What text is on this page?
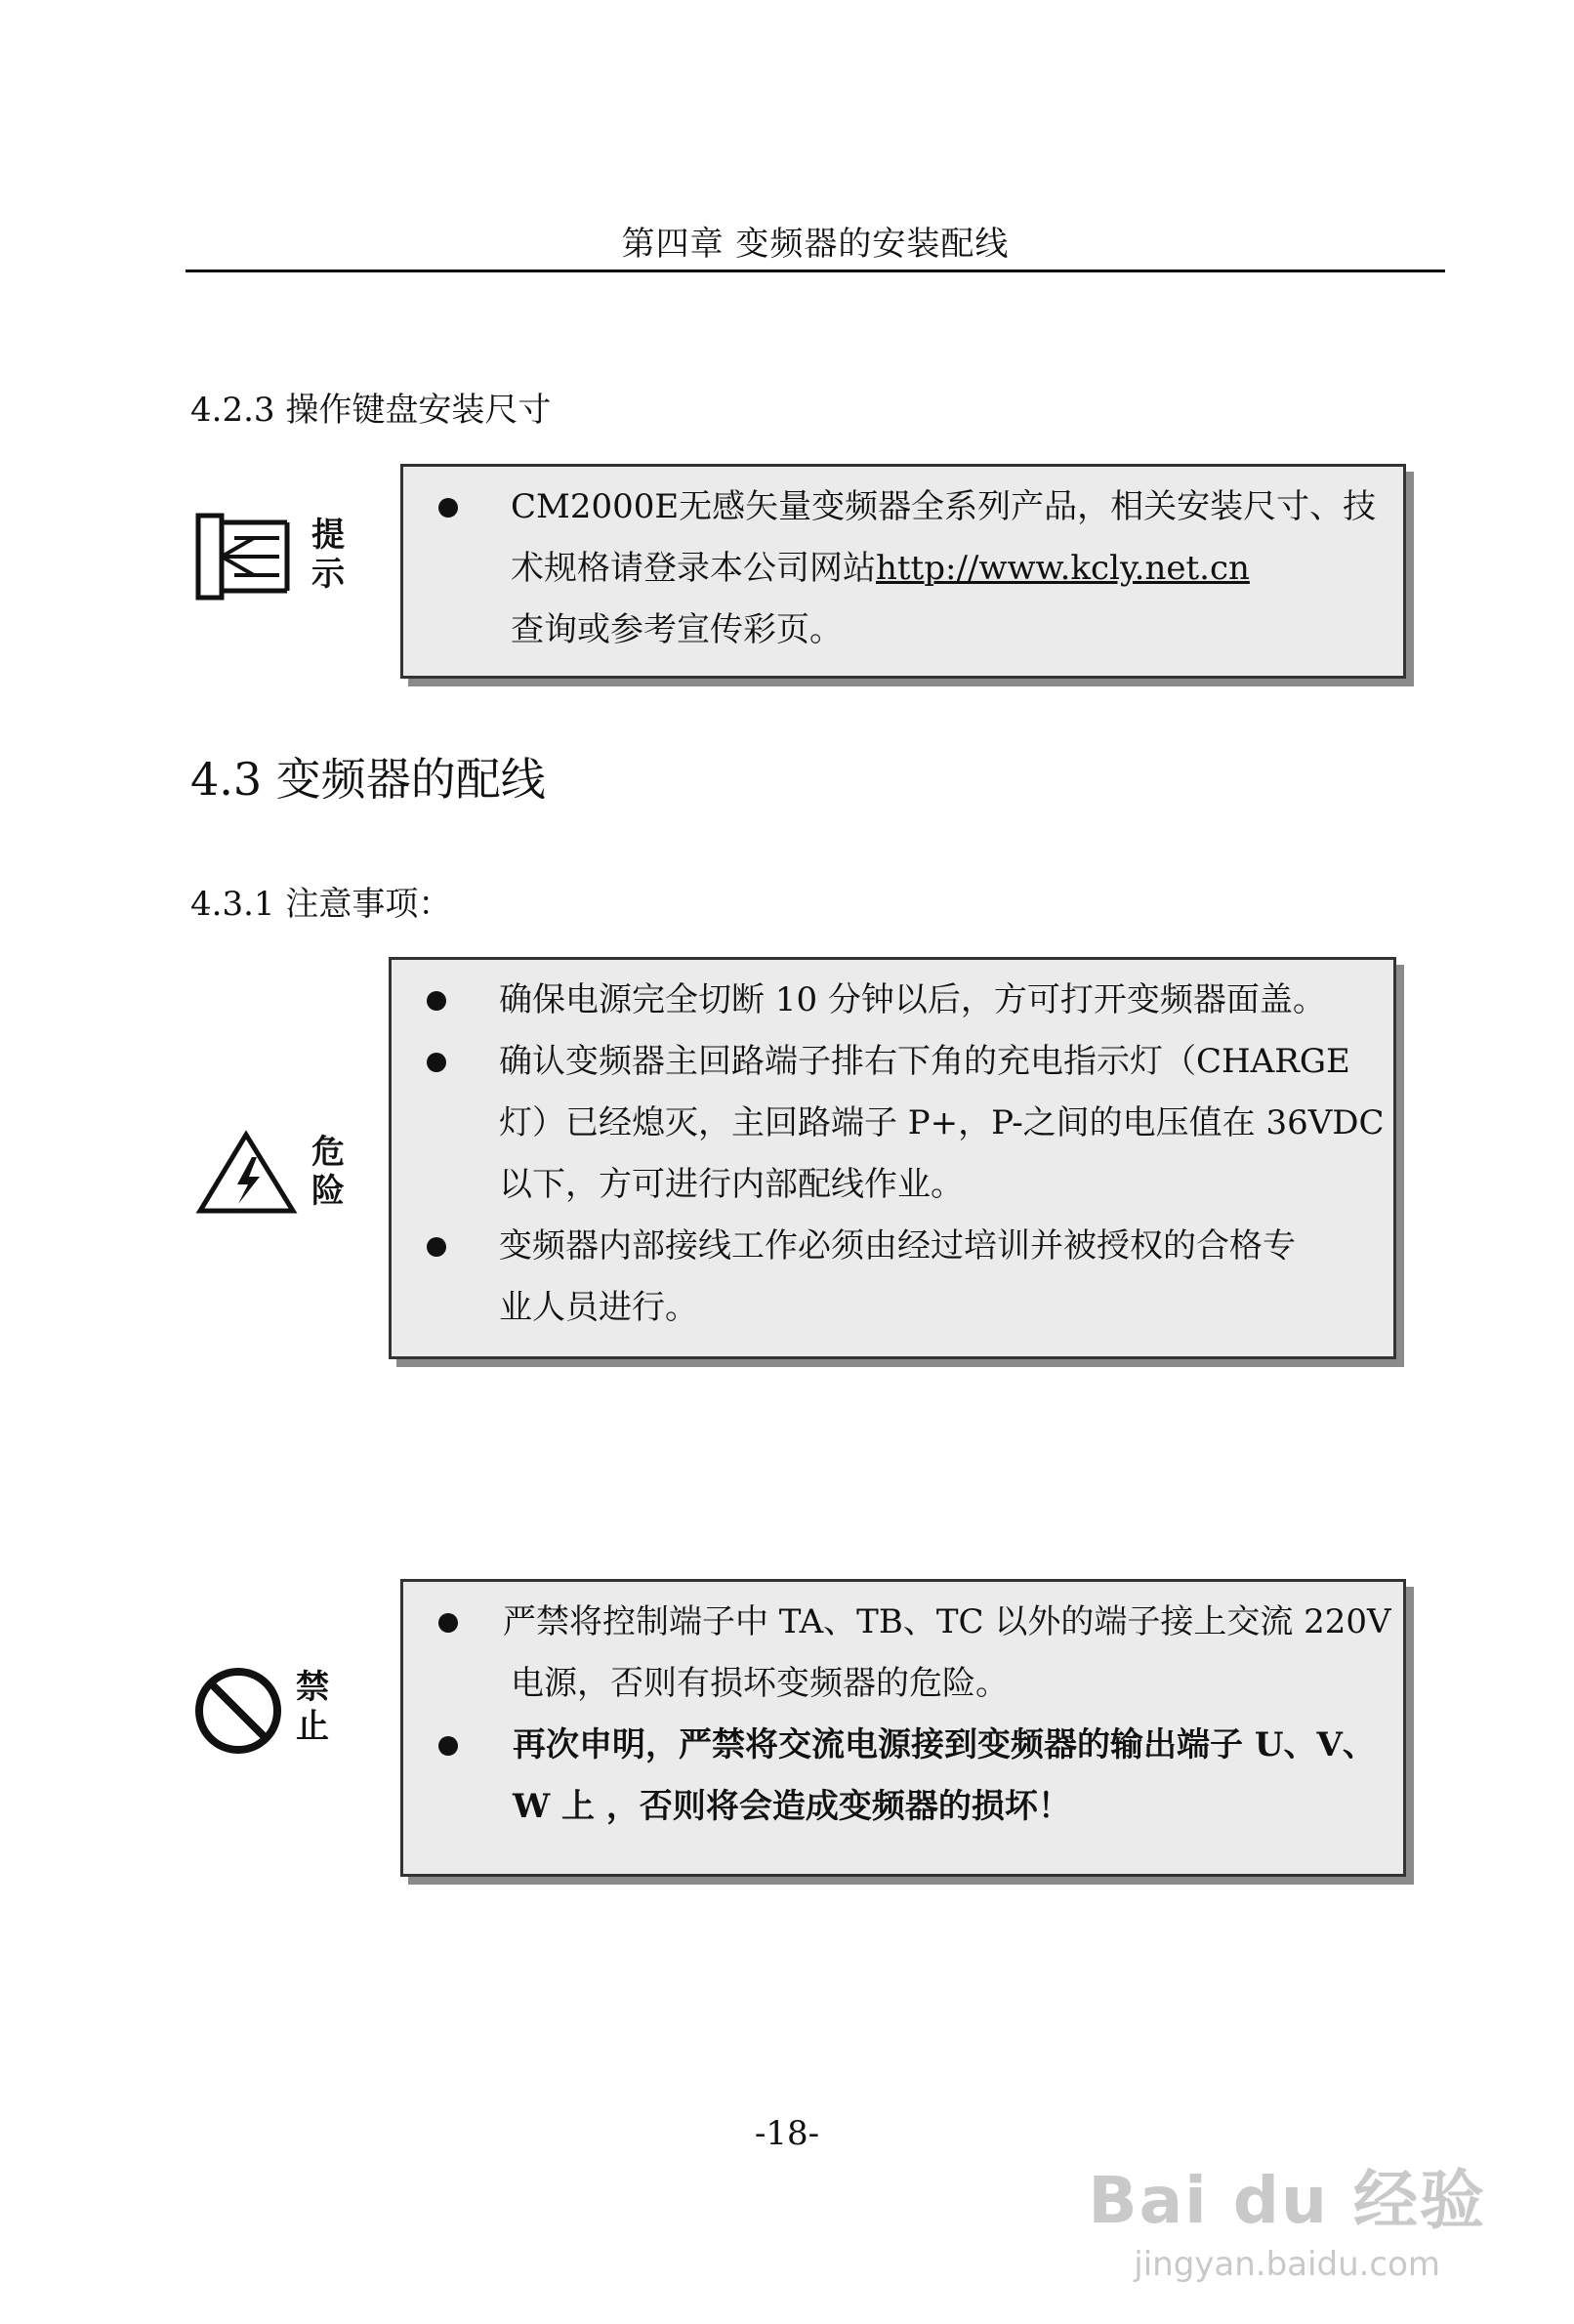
第四章 变频器的安装配线
4.2.3 操作键盘安装尺寸
提
示
CM2000E无感矢量变频器全系列产品，相关安装尺寸、技
术规格请登录本公司网站http://www.kcly.net.cn
查询或参考宣传彩页。
4.3 变频器的配线
4.3.1 注意事项：
危
险
确保电源完全切断 10 分钟以后，方可打开变频器面盖。
确认变频器主回路端子排右下角的充电指示灯（CHARGE
灯）已经熄灭，主回路端子 P+，P-之间的电压值在 36VDC
以下，方可进行内部配线作业。
变频器内部接线工作必须由经过培训并被授权的合格专
业人员进行。
禁
止
严禁将控制端子中 TA、TB、TC 以外的端子接上交流 220V
电源，否则有损坏变频器的危险。
再次申明，严禁将交流电源接到变频器的输出端子 U、V、
W 上 ，否则将会造成变频器的损坏！
-18-
Bai du 经验
jingyan.baidu.com
